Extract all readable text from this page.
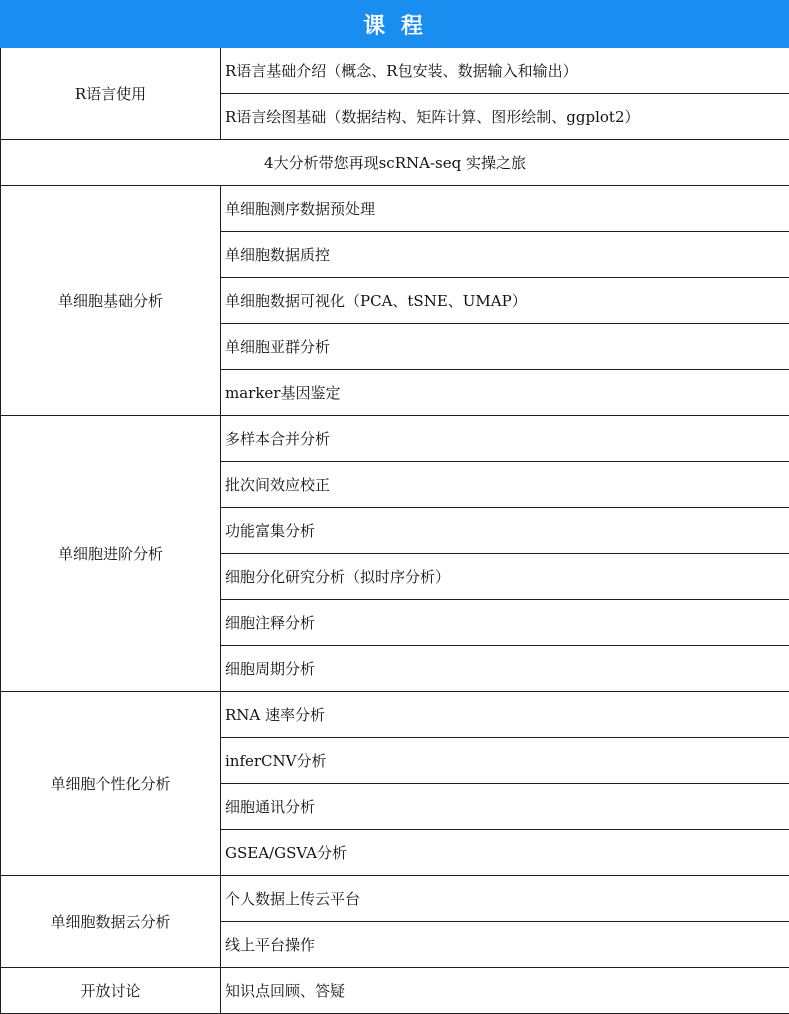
课 程	
R语言使用	R语言基础介绍（概念、R包安装、数据输入和输出）
	R语言绘图基础（数据结构、矩阵计算、图形绘制、ggplot2）
4大分析带您再现scRNA-seq 实操之旅	
单细胞基础分析	单细胞测序数据预处理
	单细胞数据质控
	单细胞数据可视化（PCA、tSNE、UMAP）
	单细胞亚群分析
	marker基因鉴定
单细胞进阶分析	多样本合并分析
	批次间效应校正
	功能富集分析
	细胞分化研究分析（拟时序分析）
	细胞注释分析
	细胞周期分析
单细胞个性化分析	RNA 速率分析
	inferCNV分析
	细胞通讯分析
	GSEA/GSVA分析
单细胞数据云分析	个人数据上传云平台
	线上平台操作
开放讨论	知识点回顾、答疑
